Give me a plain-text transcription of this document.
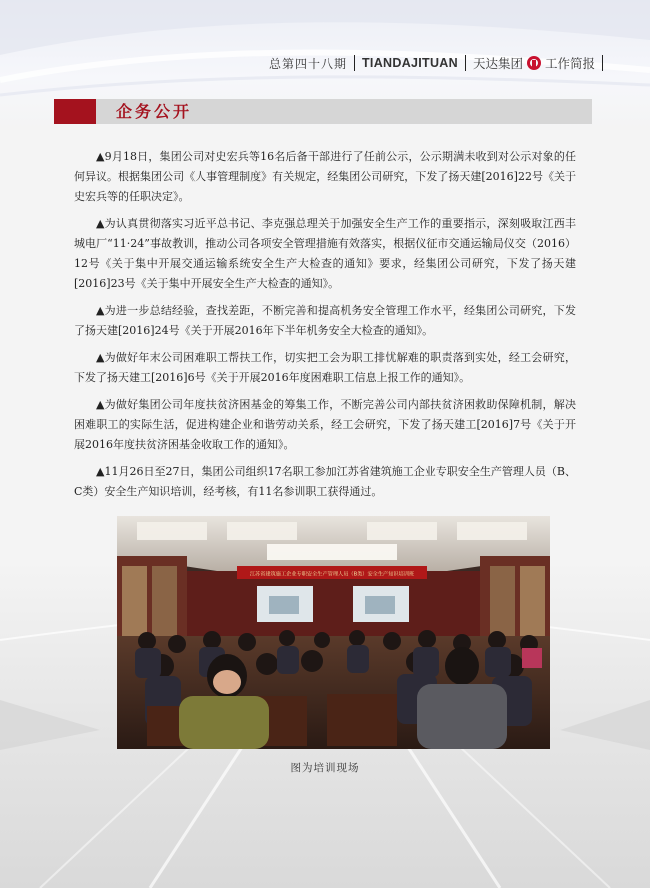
总第四十八期 TIANDAJITUAN 天达集团 工作简报
企务公开

▲9月18日，集团公司对史宏兵等16名后备干部进行了任前公示，公示期满未收到对公示对象的任何异议。根据集团公司《人事管理制度》有关规定，经集团公司研究，下发了扬天建[2016]22号《关于史宏兵等的任职决定》。

▲为认真贯彻落实习近平总书记、李克强总理关于加强安全生产工作的重要指示，深刻吸取江西丰城电厂“11·24”事故教训，推动公司各项安全管理措施有效落实，根据仪征市交通运输局仪交（2016）12号《关于集中开展交通运输系统安全生产大检查的通知》要求，经集团公司研究，下发了扬天建[2016]23号《关于集中开展安全生产大检查的通知》。

▲为进一步总结经验，查找差距，不断完善和提高机务安全管理工作水平，经集团公司研究，下发了扬天建[2016]24号《关于开展2016年下半年机务安全大检查的通知》。

▲为做好年末公司困难职工帮扶工作，切实把工会为职工排忧解难的职责落到实处，经工会研究，下发了扬天建工[2016]6号《关于开展2016年度困难职工信息上报工作的通知》。

▲为做好集团公司年度扶贫济困基金的筹集工作，不断完善公司内部扶贫济困救助保障机制，解决困难职工的实际生活，促进构建企业和谐劳动关系，经工会研究，下发了扬天建工[2016]7号《关于开展2016年度扶贫济困基金收取工作的通知》。

▲11月26日至27日，集团公司组织17名职工参加江苏省建筑施工企业专职安全生产管理人员（B、C类）安全生产知识培训，经考核，有11名参训职工获得通过。

江苏省建筑施工企业专职安全生产管理人员（B类）安全生产知识培训班
图为培训现场
